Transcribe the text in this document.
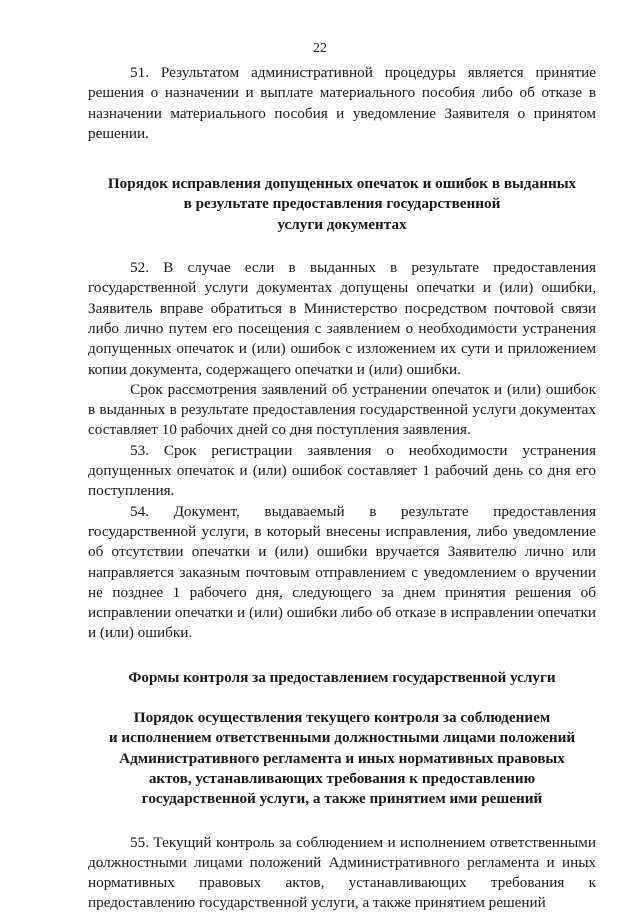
22

51. Результатом административной процедуры является принятие решения о назначении и выплате материального пособия либо об отказе в назначении материального пособия и уведомление Заявителя о принятом решении.

Порядок исправления допущенных опечаток и ошибок в выданных
в результате предоставления государственной
услуги документах

52. В случае если в выданных в результате предоставления государственной услуги документах допущены опечатки и (или) ошибки, Заявитель вправе обратиться в Министерство посредством почтовой связи либо лично путем его посещения с заявлением о необходимости устранения допущенных опечаток и (или) ошибок с изложением их сути и приложением копии документа, содержащего опечатки и (или) ошибки.

Срок рассмотрения заявлений об устранении опечаток и (или) ошибок в выданных в результате предоставления государственной услуги документах составляет 10 рабочих дней со дня поступления заявления.

53. Срок регистрации заявления о необходимости устранения допущенных опечаток и (или) ошибок составляет 1 рабочий день со дня его поступления.

54. Документ, выдаваемый в результате предоставления государственной услуги, в который внесены исправления, либо уведомление об отсутствии опечатки и (или) ошибки вручается Заявителю лично или направляется заказным почтовым отправлением с уведомлением о вручении не позднее 1 рабочего дня, следующего за днем принятия решения об исправлении опечатки и (или) ошибки либо об отказе в исправлении опечатки и (или) ошибки.

Формы контроля за предоставлением государственной услуги
Порядок осуществления текущего контроля за соблюдением
и исполнением ответственными должностными лицами положений
Административного регламента и иных нормативных правовых
актов, устанавливающих требования к предоставлению
государственной услуги, а также принятием ими решений

55. Текущий контроль за соблюдением и исполнением ответственными должностными лицами положений Административного регламента и иных нормативных правовых актов, устанавливающих требования к предоставлению государственной услуги, а также принятием решений
